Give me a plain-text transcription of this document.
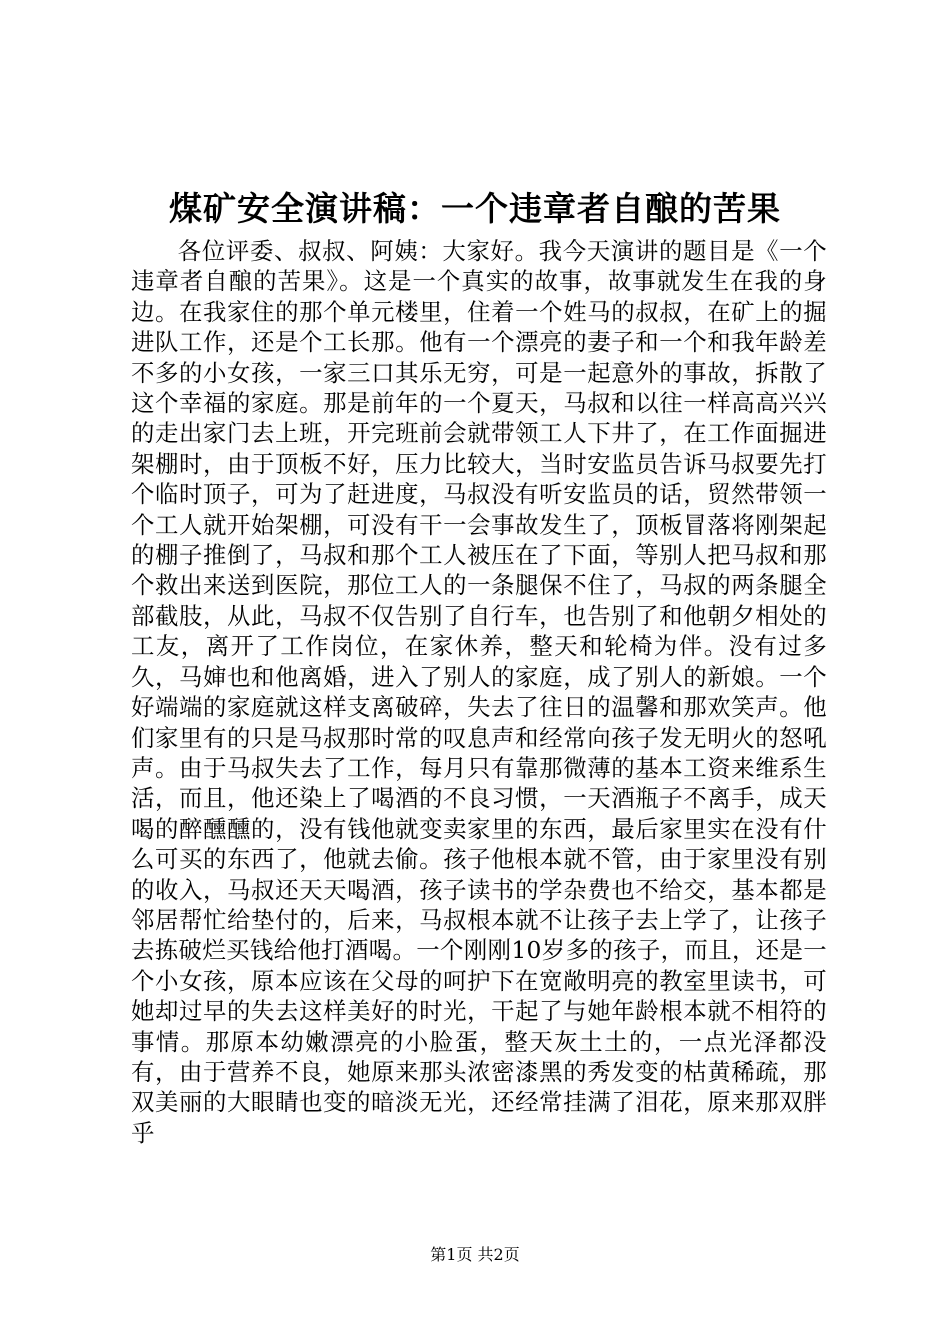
煤矿安全演讲稿：一个违章者自酿的苦果

各位评委、叔叔、阿姨：大家好。我今天演讲的题目是《一个违章者自酿的苦果》。这是一个真实的故事，故事就发生在我的身边。在我家住的那个单元楼里，住着一个姓马的叔叔，在矿上的掘进队工作，还是个工长那。他有一个漂亮的妻子和一个和我年龄差不多的小女孩，一家三口其乐无穷，可是一起意外的事故，拆散了这个幸福的家庭。那是前年的一个夏天，马叔和以往一样高高兴兴的走出家门去上班，开完班前会就带领工人下井了，在工作面掘进架棚时，由于顶板不好，压力比较大，当时安监员告诉马叔要先打个临时顶子，可为了赶进度，马叔没有听安监员的话，贸然带领一个工人就开始架棚，可没有干一会事故发生了，顶板冒落将刚架起的棚子推倒了，马叔和那个工人被压在了下面，等别人把马叔和那个救出来送到医院，那位工人的一条腿保不住了，马叔的两条腿全部截肢，从此，马叔不仅告别了自行车，也告别了和他朝夕相处的工友，离开了工作岗位，在家休养，整天和轮椅为伴。没有过多久，马婶也和他离婚，进入了别人的家庭，成了别人的新娘。一个好端端的家庭就这样支离破碎，失去了往日的温馨和那欢笑声。他们家里有的只是马叔那时常的叹息声和经常向孩子发无明火的怒吼声。由于马叔失去了工作，每月只有靠那微薄的基本工资来维系生活，而且，他还染上了喝酒的不良习惯，一天酒瓶子不离手，成天喝的醉醺醺的，没有钱他就变卖家里的东西，最后家里实在没有什么可买的东西了，他就去偷。孩子他根本就不管，由于家里没有别的收入，马叔还天天喝酒，孩子读书的学杂费也不给交，基本都是邻居帮忙给垫付的，后来，马叔根本就不让孩子去上学了，让孩子去拣破烂买钱给他打酒喝。一个刚刚10岁多的孩子，而且，还是一个小女孩，原本应该在父母的呵护下在宽敞明亮的教室里读书，可她却过早的失去这样美好的时光，干起了与她年龄根本就不相符的事情。那原本幼嫩漂亮的小脸蛋，整天灰土土的，一点光泽都没有，由于营养不良，她原来那头浓密漆黑的秀发变的枯黄稀疏，那双美丽的大眼睛也变的暗淡无光，还经常挂满了泪花，原来那双胖乎

第1页 共2页
